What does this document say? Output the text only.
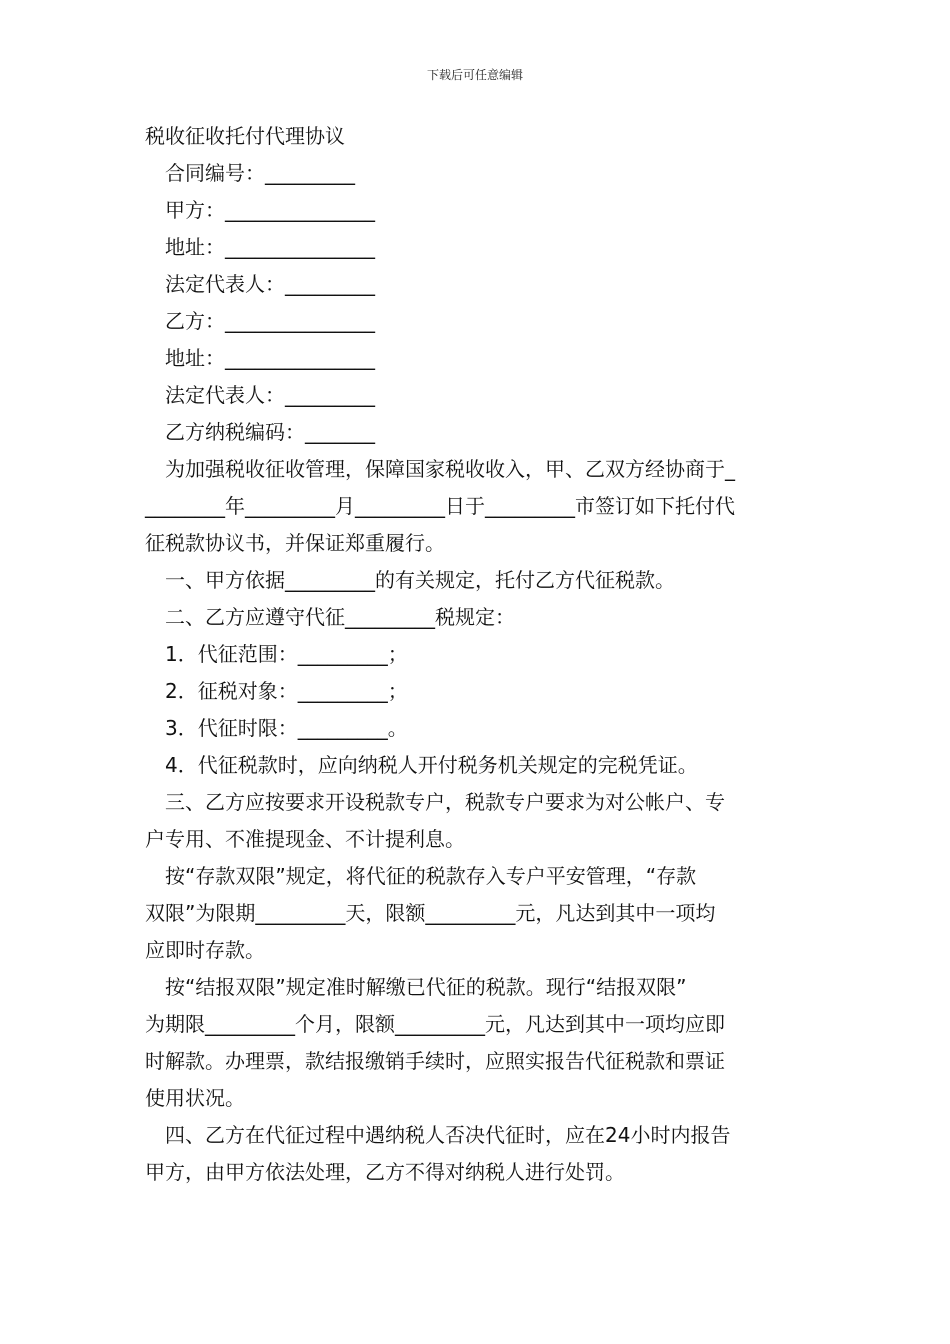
下载后可任意编辑
税收征收托付代理协议
合同编号：_________
甲方：_______________
地址：_______________
法定代表人：_________
乙方：_______________
地址：_______________
法定代表人：_________
乙方纳税编码：_______
为加强税收征收管理，保障国家税收收入，甲、乙双方经协商于_
________年_________月_________日于_________市签订如下托付代
征税款协议书，并保证郑重履行。
一、甲方依据_________的有关规定，托付乙方代征税款。
二、乙方应遵守代征_________税规定：
1．代征范围：_________；
2．征税对象：_________；
3．代征时限：_________。
4．代征税款时，应向纳税人开付税务机关规定的完税凭证。
三、乙方应按要求开设税款专户，税款专户要求为对公帐户、专
户专用、不准提现金、不计提利息。
按“存款双限”规定，将代征的税款存入专户平安管理，“存款
双限”为限期_________天，限额_________元，凡达到其中一项均
应即时存款。
按“结报双限”规定准时解缴已代征的税款。现行“结报双限”
为期限_________个月，限额_________元，凡达到其中一项均应即
时解款。办理票，款结报缴销手续时，应照实报告代征税款和票证
使用状况。
四、乙方在代征过程中遇纳税人否决代征时，应在24小时内报告
甲方，由甲方依法处理，乙方不得对纳税人进行处罚。
